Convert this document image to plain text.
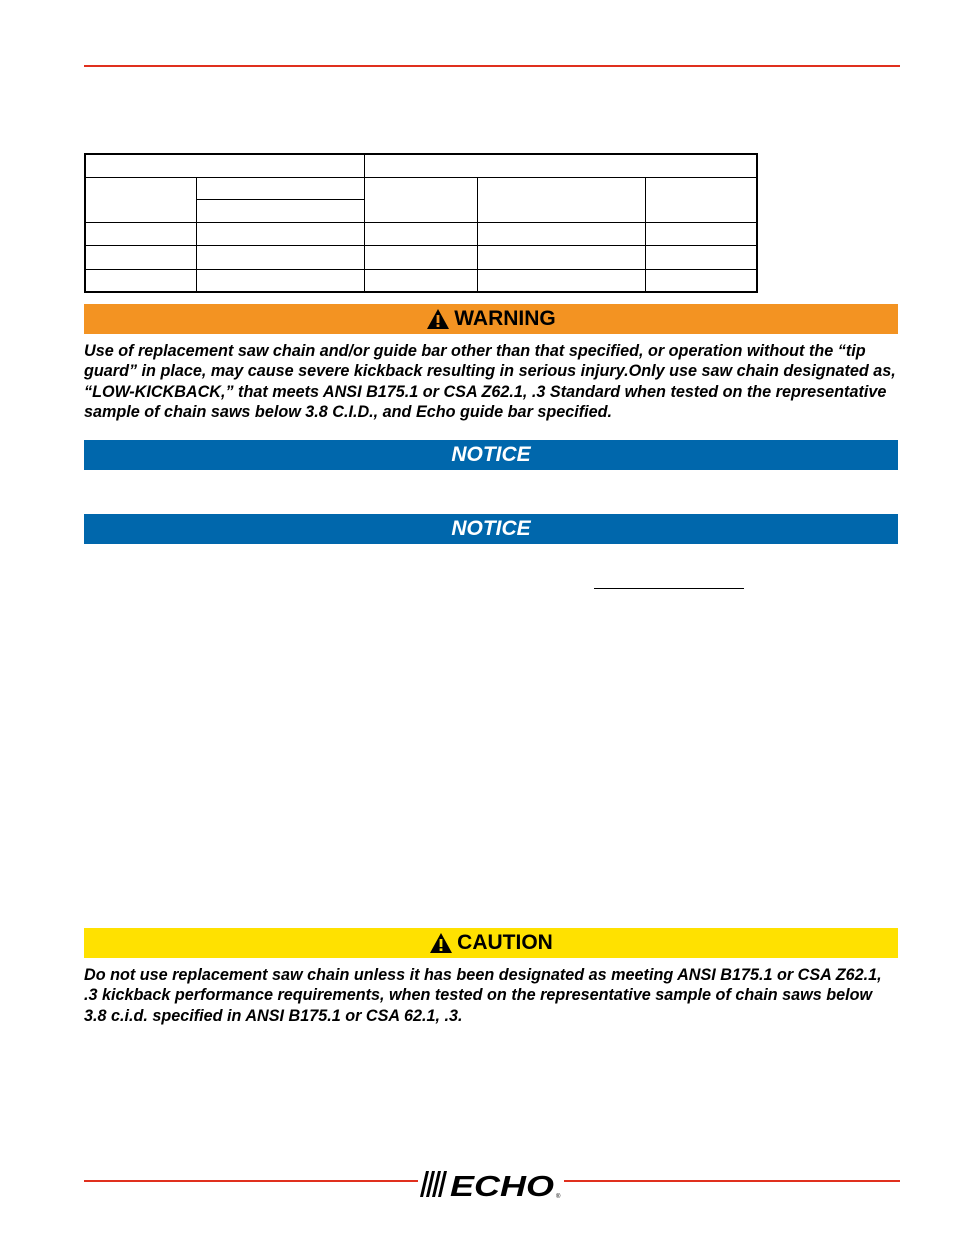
WARNING
Use of replacement saw chain and/or guide bar other than that specified, or operation without the “tip guard” in place, may cause severe kickback resulting in serious injury.Only use saw chain designated as, “LOW-KICKBACK,” that meets ANSI B175.1 or CSA Z62.1, .3 Standard when tested on the representative sample of chain saws below 3.8 C.I.D., and Echo guide bar specified.
NOTICE
NOTICE
CAUTION
Do not use replacement saw chain unless it has been designated as meeting ANSI B175.1 or CSA Z62.1, .3 kickback performance requirements, when tested on the representative sample of chain saws below 3.8 c.i.d. specified in ANSI B175.1 or CSA 62.1, .3.
ECHO ®
